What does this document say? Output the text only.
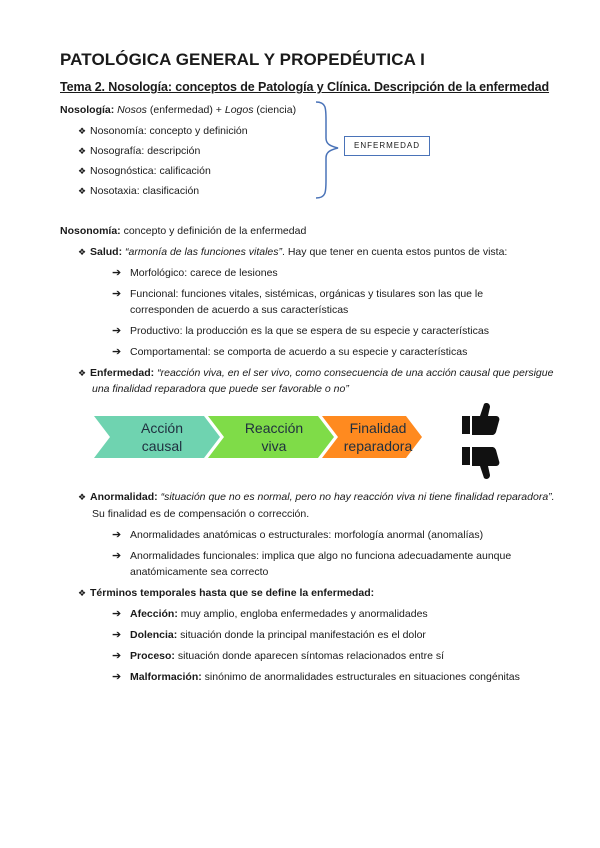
PATOLÓGICA GENERAL Y PROPEDÉUTICA I
Tema 2. Nosología: conceptos de Patología y Clínica. Descripción de la enfermedad
Nosología: Nosos (enfermedad) + Logos (ciencia)
❖ Nosonomía: concepto y definición
❖ Nosografía: descripción
❖ Nosognóstica: calificación
❖ Nosotaxia: clasificación
ENFERMEDAD
Nosonomía: concepto y definición de la enfermedad
❖ Salud: “armonía de las funciones vitales”. Hay que tener en cuenta estos puntos de vista:
➔ Morfológico: carece de lesiones
➔ Funcional: funciones vitales, sistémicas, orgánicas y tisulares son las que le
corresponden de acuerdo a sus características
➔ Productivo: la producción es la que se espera de su especie y características
➔ Comportamental: se comporta de acuerdo a su especie y características
❖ Enfermedad: “reacción viva, en el ser vivo, como consecuencia de una acción causal que persigue
una finalidad reparadora que puede ser favorable o no”
Acción
causal
Reacción
viva
Finalidad
reparadora
❖ Anormalidad: “situación que no es normal, pero no hay reacción viva ni tiene finalidad reparadora”.
Su finalidad es de compensación o corrección.
➔ Anormalidades anatómicas o estructurales: morfología anormal (anomalías)
➔ Anormalidades funcionales: implica que algo no funciona adecuadamente aunque
anatómicamente sea correcto
❖ Términos temporales hasta que se define la enfermedad:
➔ Afección: muy amplio, engloba enfermedades y anormalidades
➔ Dolencia: situación donde la principal manifestación es el dolor
➔ Proceso: situación donde aparecen síntomas relacionados entre sí
➔ Malformación: sinónimo de anormalidades estructurales en situaciones congénitas
